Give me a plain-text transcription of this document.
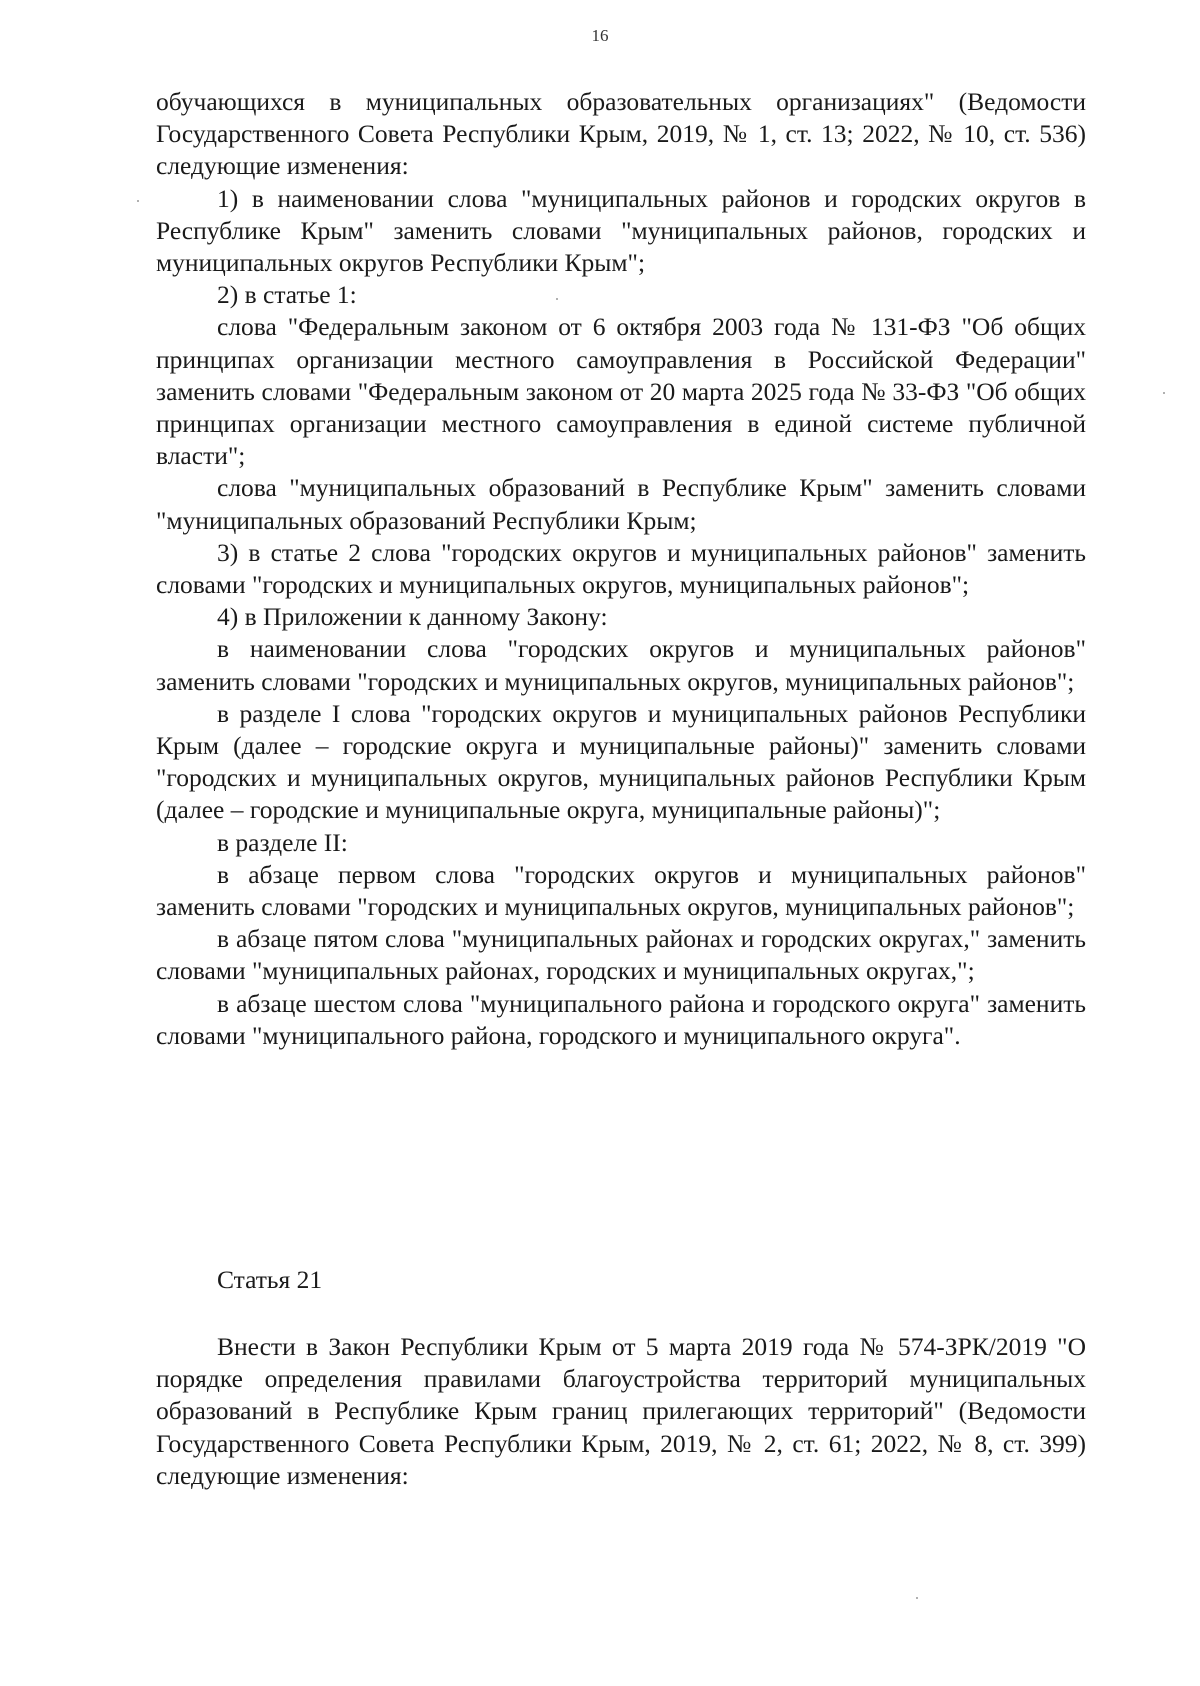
16

обучающихся в муниципальных образовательных организациях" (Ведомости Государственного Совета Республики Крым, 2019, № 1, ст. 13; 2022, № 10, ст. 536) следующие изменения:

1) в наименовании слова "муниципальных районов и городских округов в Республике Крым" заменить словами "муниципальных районов, городских и муниципальных округов Республики Крым";

2) в статье 1:

слова "Федеральным законом от 6 октября 2003 года № 131-ФЗ "Об общих принципах организации местного самоуправления в Российской Федерации" заменить словами "Федеральным законом от 20 марта 2025 года № 33-ФЗ "Об общих принципах организации местного самоуправления в единой системе публичной власти";

слова "муниципальных образований в Республике Крым" заменить словами "муниципальных образований Республики Крым;

3) в статье 2 слова "городских округов и муниципальных районов" заменить словами "городских и муниципальных округов, муниципальных районов";

4) в Приложении к данному Закону:

в наименовании слова "городских округов и муниципальных районов" заменить словами "городских и муниципальных округов, муниципальных районов";

в разделе I слова "городских округов и муниципальных районов Республики Крым (далее – городские округа и муниципальные районы)" заменить словами "городских и муниципальных округов, муниципальных районов Республики Крым (далее – городские и муниципальные округа, муниципальные районы)";

в разделе II:

в абзаце первом слова "городских округов и муниципальных районов" заменить словами "городских и муниципальных округов, муниципальных районов";

в абзаце пятом слова "муниципальных районах и городских округах," заменить словами "муниципальных районах, городских и муниципальных округах,";

в абзаце шестом слова "муниципального района и городского округа" заменить словами "муниципального района, городского и муниципального округа".

Статья 21

Внести в Закон Республики Крым от 5 марта 2019 года № 574-ЗРК/2019 "О порядке определения правилами благоустройства территорий муниципальных образований в Республике Крым границ прилегающих территорий" (Ведомости Государственного Совета Республики Крым, 2019, № 2, ст. 61; 2022, № 8, ст. 399) следующие изменения:
